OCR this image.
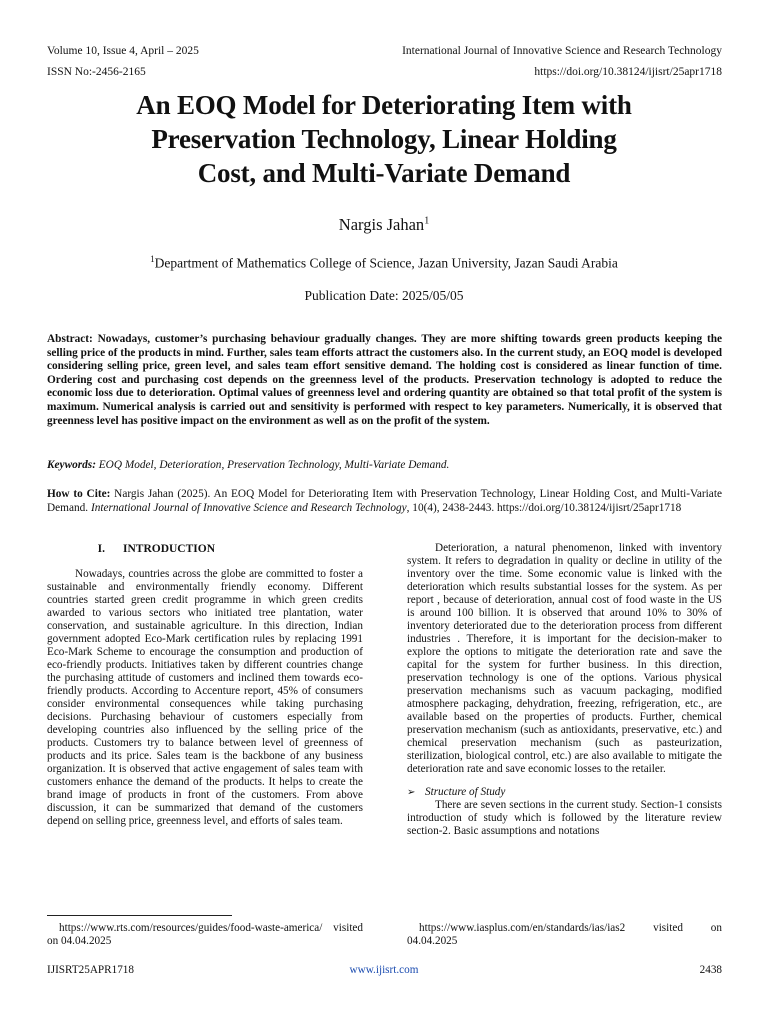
Volume 10, Issue 4, April – 2025	International Journal of Innovative Science and Research Technology
ISSN No:-2456-2165	https://doi.org/10.38124/ijisrt/25apr1718
An EOQ Model for Deteriorating Item with
Preservation Technology, Linear Holding
Cost, and Multi-Variate Demand
Nargis Jahan$^1$
$^1$Department of Mathematics College of Science, Jazan University, Jazan Saudi Arabia
Publication Date: 2025/05/05
Abstract: Nowadays, customer’s purchasing behaviour gradually changes. They are more shifting towards green products keeping the selling price of the products in mind. Further, sales team efforts attract the customers also. In the current study, an EOQ model is developed considering selling price, green level, and sales team effort sensitive demand. The holding cost is considered as linear function of time. Ordering cost and purchasing cost depends on the greenness level of the products. Preservation technology is adopted to reduce the economic loss due to deterioration. Optimal values of greenness level and ordering quantity are obtained so that total profit of the system is maximum. Numerical analysis is carried out and sensitivity is performed with respect to key parameters. Numerically, it is observed that greenness level has positive impact on the environment as well as on the profit of the system.
Keywords: EOQ Model, Deterioration, Preservation Technology, Multi-Variate Demand.
How to Cite: Nargis Jahan (2025). An EOQ Model for Deteriorating Item with Preservation Technology, Linear Holding Cost, and Multi-Variate Demand. International Journal of Innovative Science and Research Technology, 10(4), 2438-2443. https://doi.org/10.38124/ijisrt/25apr1718
I. INTRODUCTION

Nowadays, countries across the globe are committed to foster a sustainable and environmentally friendly economy. Different countries started green credit programme in which green credits awarded to various sectors who initiated tree plantation, water conservation, and sustainable agriculture. In this direction, Indian government adopted Eco-Mark certification rules by replacing 1991 Eco-Mark Scheme to encourage the consumption and production of eco-friendly products. Initiatives taken by different countries change the purchasing attitude of customers and inclined them towards eco-friendly products. According to Accenture report, 45% of consumers consider environmental consequences while taking purchasing decisions. Purchasing behaviour of customers especially from developing countries also influenced by the selling price of the products. Customers try to balance between level of greenness of products and its price. Sales team is the backbone of any business organization. It is observed that active engagement of sales team with customers enhance the demand of the products. It helps to create the brand image of products in front of the customers. From above discussion, it can be summarized that demand of the customers depend on selling price, greenness level, and efforts of sales team.

Deterioration, a natural phenomenon, linked with inventory system. It refers to degradation in quality or decline in utility of the inventory over the time. Some economic value is linked with the deterioration which results substantial losses for the system. As per report , because of deterioration, annual cost of food waste in the US is around 100 billion. It is observed that around 10% to 30% of inventory deteriorated due to the deterioration process from different industries . Therefore, it is important for the decision-maker to explore the options to mitigate the deterioration rate and save the capital for the system for further business. In this direction, preservation technology is one of the options. Various physical preservation mechanisms such as vacuum packaging, modified atmosphere packaging, dehydration, freezing, refrigeration, etc., are available based on the properties of products. Further, chemical preservation mechanism (such as antioxidants, preservative, etc.) and chemical preservation mechanism (such as pasteurization, sterilization, biological control, etc.) are also available to mitigate the deterioration rate and save economic losses to the retailer.

➢ Structure of Study

There are seven sections in the current study. Section-1 consists introduction of study which is followed by the literature review section-2. Basic assumptions and notations

https://www.rts.com/resources/guides/food-waste-america/ visited on 04.04.2025
https://www.iasplus.com/en/standards/ias/ias2 visited on 04.04.2025
IJISRT25APR1718	www.ijisrt.com	2438
